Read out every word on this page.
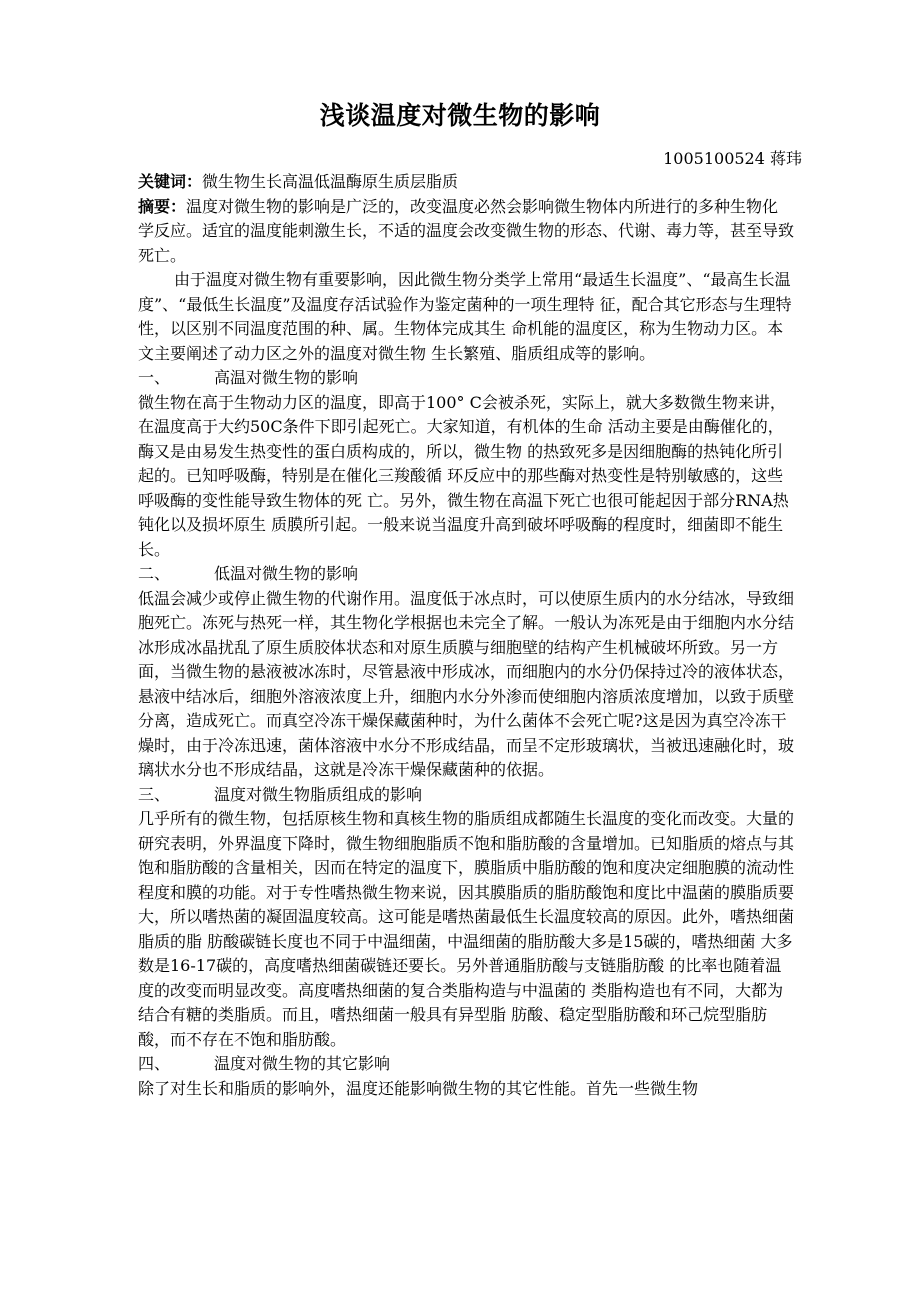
浅谈温度对微生物的影响
1005100524 蒋玮

关键词：微生物生长高温低温酶原生质层脂质

摘要：温度对微生物的影响是广泛的，改变温度必然会影响微生物体内所进行的多种生物化学反应。适宜的温度能刺激生长，不适的温度会改变微生物的形态、代谢、毒力等，甚至导致死亡。

由于温度对微生物有重要影响，因此微生物分类学上常用“最适生长温度”、“最高生长温度”、“最低生长温度”及温度存活试验作为鉴定菌种的一项生理特 征，配合其它形态与生理特性，以区别不同温度范围的种、属。生物体完成其生 命机能的温度区，称为生物动力区。本文主要阐述了动力区之外的温度对微生物 生长繁殖、脂质组成等的影响。

一、	高温对微生物的影响

微生物在高于生物动力区的温度，即高于100° C会被杀死，实际上，就大多数微生物来讲，在温度高于大约50C条件下即引起死亡。大家知道，有机体的生命 活动主要是由酶催化的，酶又是由易发生热变性的蛋白质构成的，所以，微生物 的热致死多是因细胞酶的热钝化所引起的。已知呼吸酶，特别是在催化三羧酸循 环反应中的那些酶对热变性是特别敏感的，这些呼吸酶的变性能导致生物体的死 亡。另外，微生物在高温下死亡也很可能起因于部分RNA热钝化以及损坏原生 质膜所引起。一般来说当温度升高到破坏呼吸酶的程度时，细菌即不能生长。

二、	低温对微生物的影响

低温会减少或停止微生物的代谢作用。温度低于冰点时，可以使原生质内的水分结冰，导致细胞死亡。冻死与热死一样，其生物化学根据也未完全了解。一般认为冻死是由于细胞内水分结冰形成冰晶扰乱了原生质胶体状态和对原生质膜与细胞壁的结构产生机械破坏所致。另一方面，当微生物的悬液被冰冻时，尽管悬液中形成冰，而细胞内的水分仍保持过冷的液体状态，悬液中结冰后，细胞外溶液浓度上升，细胞内水分外渗而使细胞内溶质浓度增加，以致于质壁分离，造成死亡。而真空冷冻干燥保藏菌种时，为什么菌体不会死亡呢?这是因为真空冷冻干燥时，由于冷冻迅速，菌体溶液中水分不形成结晶，而呈不定形玻璃状，当被迅速融化时，玻璃状水分也不形成结晶，这就是冷冻干燥保藏菌种的依据。

三、	温度对微生物脂质组成的影响

几乎所有的微生物，包括原核生物和真核生物的脂质组成都随生长温度的变化而改变。大量的研究表明，外界温度下降时，微生物细胞脂质不饱和脂肪酸的含量增加。已知脂质的熔点与其饱和脂肪酸的含量相关，因而在特定的温度下，膜脂质中脂肪酸的饱和度决定细胞膜的流动性程度和膜的功能。对于专性嗜热微生物来说，因其膜脂质的脂肪酸饱和度比中温菌的膜脂质要大，所以嗜热菌的凝固温度较高。这可能是嗜热菌最低生长温度较高的原因。此外，嗜热细菌脂质的脂 肪酸碳链长度也不同于中温细菌，中温细菌的脂肪酸大多是15碳的，嗜热细菌 大多数是16-17碳的，高度嗜热细菌碳链还要长。另外普通脂肪酸与支链脂肪酸 的比率也随着温度的改变而明显改变。高度嗜热细菌的复合类脂构造与中温菌的 类脂构造也有不同，大都为结合有糖的类脂质。而且，嗜热细菌一般具有异型脂 肪酸、稳定型脂肪酸和环己烷型脂肪酸，而不存在不饱和脂肪酸。

四、	温度对微生物的其它影响

除了对生长和脂质的影响外，温度还能影响微生物的其它性能。首先一些微生物
